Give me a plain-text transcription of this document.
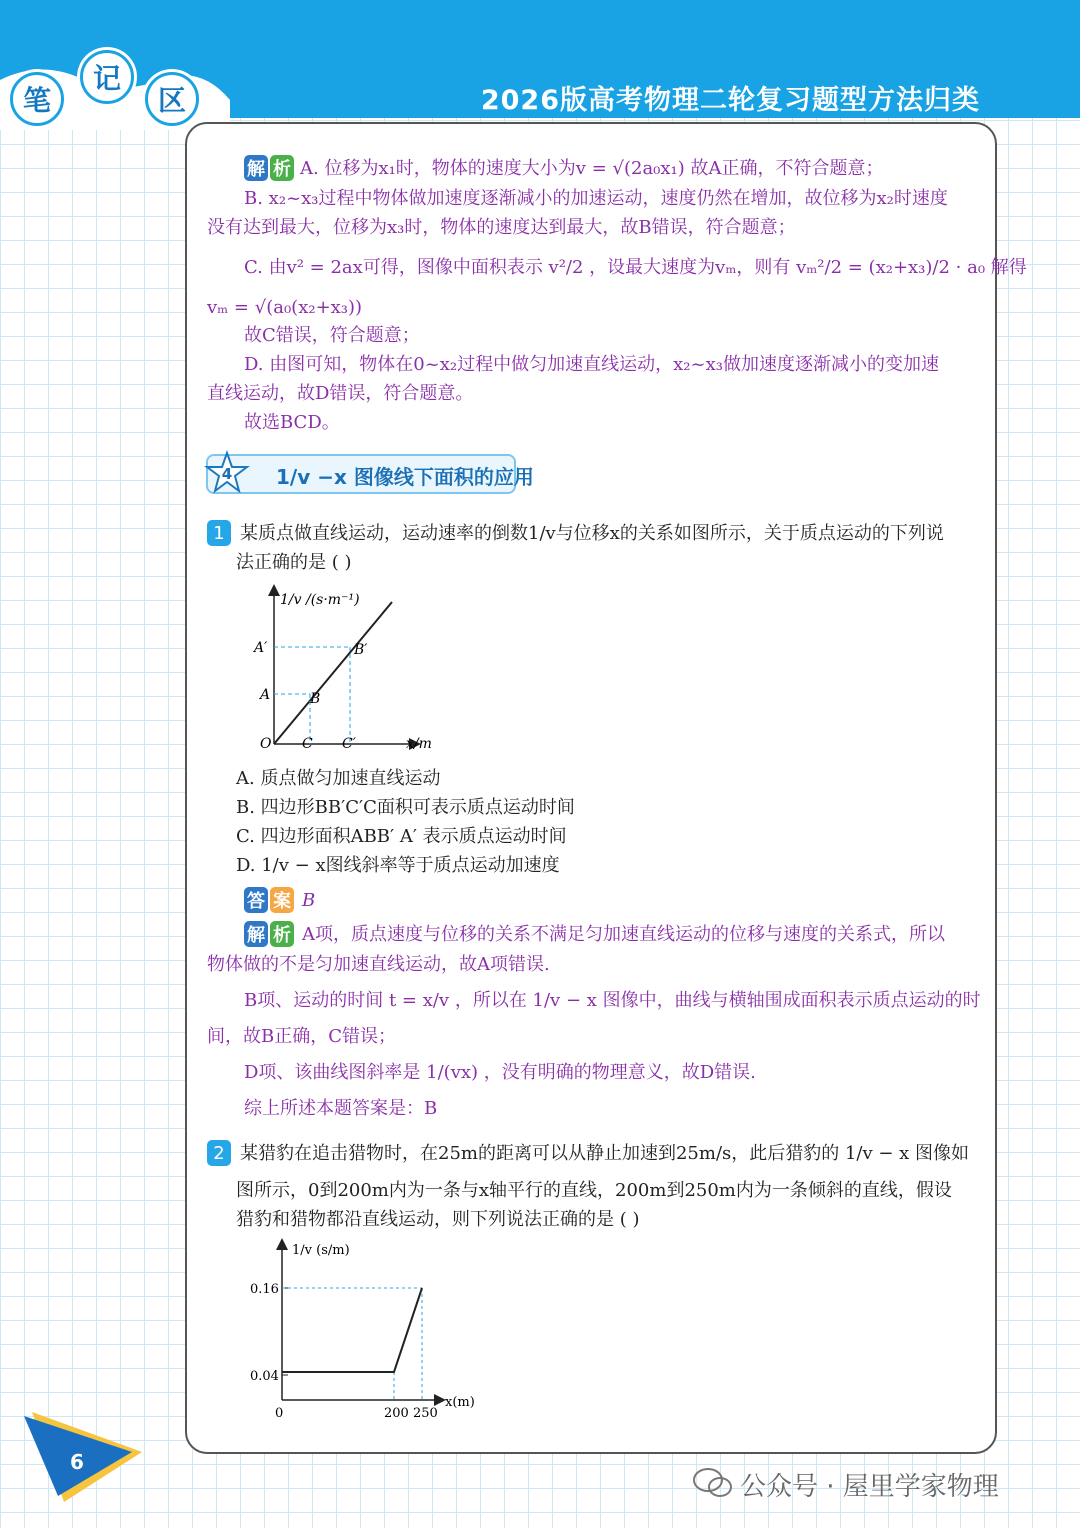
笔
记
区	2026版高考物理二轮复习题型方法归类
解 析 A. 位移为x₁时，物体的速度大小为v = √(2a₀x₁) 故A正确，不符合题意；
B. x₂~x₃过程中物体做加速度逐渐减小的加速运动，速度仍然在增加，故位移为x₂时速度
没有达到最大，位移为x₃时，物体的速度达到最大，故B错误，符合题意；
C. 由v² = 2ax可得，图像中面积表示 v²/2 ，设最大速度为vₘ，则有 vₘ²/2 = (x₂+x₃)/2 · a₀ 解得
vₘ = √(a₀(x₂+x₃))
故C错误，符合题意；
D. 由图可知，物体在0~x₂过程中做匀加速直线运动，x₂~x₃做加速度逐渐减小的变加速
直线运动，故D错误，符合题意。
故选BCD。
4 1/v −x 图像线下面积的应用
1 某质点做直线运动，运动速率的倒数1/v与位移x的关系如图所示，关于质点运动的下列说
法正确的是 ( )
1/v /(s·m⁻¹)
A′	B′
A	B
C C′
O	x/m
A. 质点做匀加速直线运动
B. 四边形BB′C′C面积可表示质点运动时间
C. 四边形面积ABB′ A′ 表示质点运动时间
D. 1/v − x图线斜率等于质点运动加速度
答 案 B
解 析 A项，质点速度与位移的关系不满足匀加速直线运动的位移与速度的关系式，所以
物体做的不是匀加速直线运动，故A项错误.
B项、运动的时间 t = x/v ，所以在 1/v − x 图像中，曲线与横轴围成面积表示质点运动的时
间，故B正确，C错误；
D项、该曲线图斜率是 1/(vx) ，没有明确的物理意义，故D错误.
综上所述本题答案是：B
2 某猎豹在追击猎物时，在25m的距离可以从静止加速到25m/s，此后猎豹的 1/v − x 图像如
图所示，0到200m内为一条与x轴平行的直线，200m到250m内为一条倾斜的直线，假设
猎豹和猎物都沿直线运动，则下列说法正确的是 ( )
1/v (s/m)
0.16
0.04
0	200 250
x(m)
6
公众号 · 屋里学家物理
